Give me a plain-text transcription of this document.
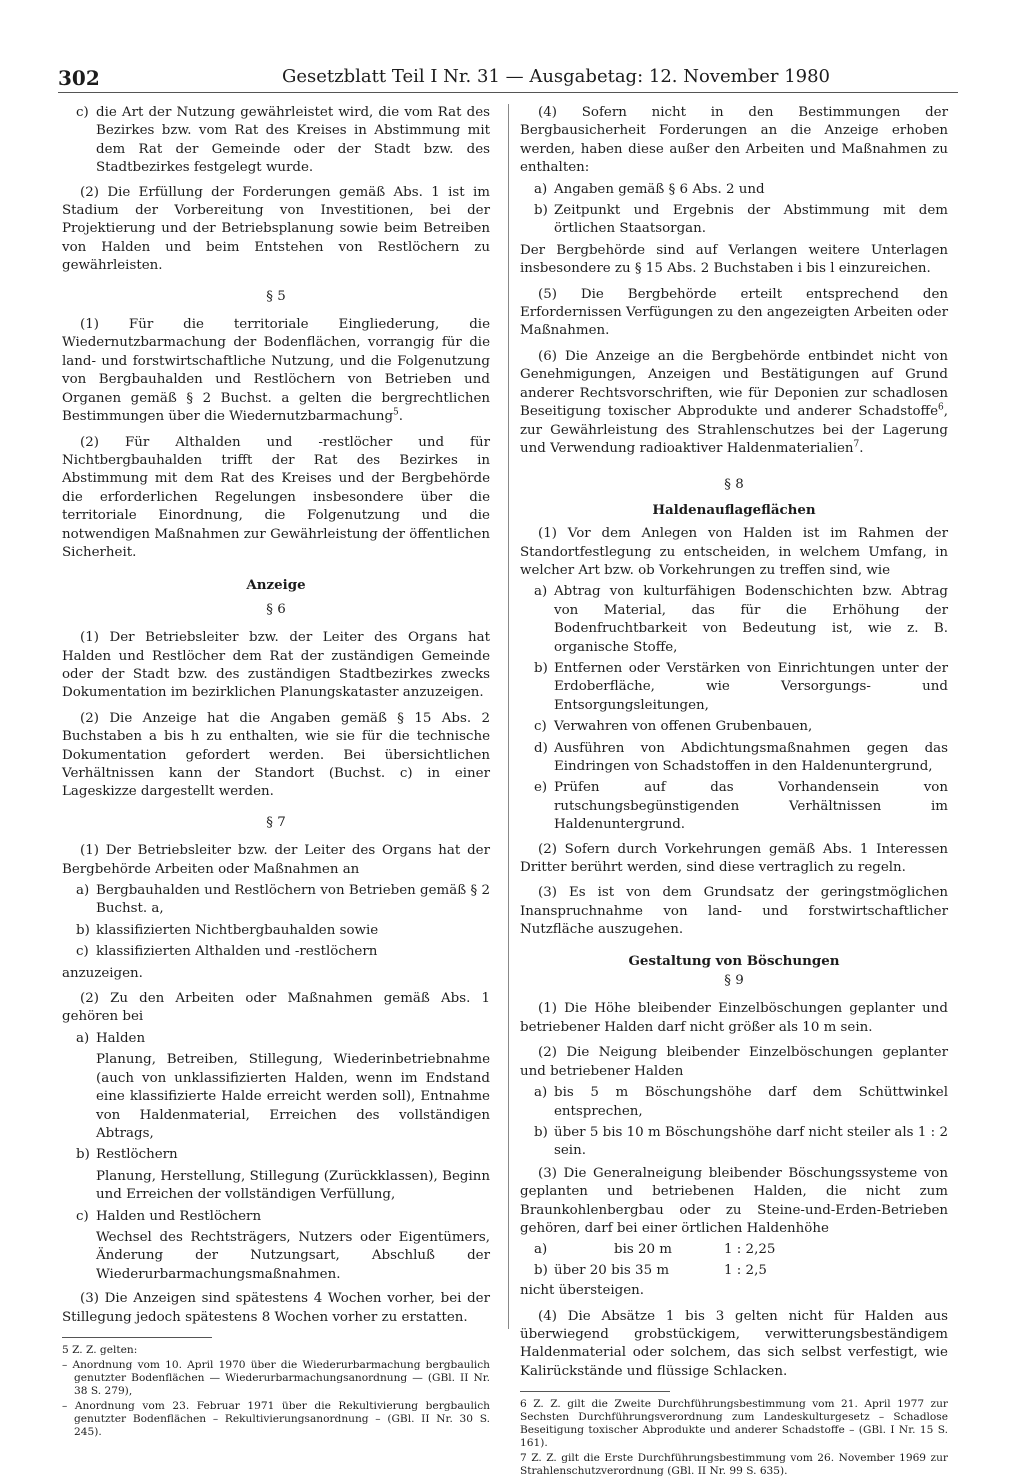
302	Gesetzblatt Teil I Nr. 31 — Ausgabetag: 12. November 1980
c) die Art der Nutzung gewährleistet wird, die vom Rat des Bezirkes bzw. vom Rat des Kreises in Abstimmung mit dem Rat der Gemeinde oder der Stadt bzw. des Stadtbezirkes festgelegt wurde.

(2) Die Erfüllung der Forderungen gemäß Abs. 1 ist im Stadium der Vorbereitung von Investitionen, bei der Projektierung und der Betriebsplanung sowie beim Betreiben von Halden und beim Entstehen von Restlöchern zu gewährleisten.

§ 5

(1) Für die territoriale Eingliederung, die Wiedernutzbarmachung der Bodenflächen, vorrangig für die land- und forstwirtschaftliche Nutzung, und die Folgenutzung von Bergbauhalden und Restlöchern von Betrieben und Organen gemäß § 2 Buchst. a gelten die bergrechtlichen Bestimmungen über die Wiedernutzbarmachung$^5$.

(2) Für Althalden und -restlöcher und für Nichtbergbauhalden trifft der Rat des Bezirkes in Abstimmung mit dem Rat des Kreises und der Bergbehörde die erforderlichen Regelungen insbesondere über die territoriale Einordnung, die Folgenutzung und die notwendigen Maßnahmen zur Gewährleistung der öffentlichen Sicherheit.

Anzeige
§ 6

(1) Der Betriebsleiter bzw. der Leiter des Organs hat Halden und Restlöcher dem Rat der zuständigen Gemeinde oder der Stadt bzw. des zuständigen Stadtbezirkes zwecks Dokumentation im bezirklichen Planungskataster anzuzeigen.

(2) Die Anzeige hat die Angaben gemäß § 15 Abs. 2 Buchstaben a bis h zu enthalten, wie sie für die technische Dokumentation gefordert werden. Bei übersichtlichen Verhältnissen kann der Standort (Buchst. c) in einer Lageskizze dargestellt werden.

§ 7

(1) Der Betriebsleiter bzw. der Leiter des Organs hat der Bergbehörde Arbeiten oder Maßnahmen an

a) Bergbauhalden und Restlöchern von Betrieben gemäß § 2 Buchst. a,
b) klassifizierten Nichtbergbauhalden sowie
c) klassifizierten Althalden und -restlöchern

anzuzeigen.

(2) Zu den Arbeiten oder Maßnahmen gemäß Abs. 1 gehören bei

a) Halden
Planung, Betreiben, Stillegung, Wiederinbetriebnahme (auch von unklassifizierten Halden, wenn im Endstand eine klassifizierte Halde erreicht werden soll), Entnahme von Haldenmaterial, Erreichen des vollständigen Abtrags,
b) Restlöchern
Planung, Herstellung, Stillegung (Zurückklassen), Beginn und Erreichen der vollständigen Verfüllung,
c) Halden und Restlöchern
Wechsel des Rechtsträgers, Nutzers oder Eigentümers, Änderung der Nutzungsart, Abschluß der Wiederurbarmachungsmaßnahmen.

(3) Die Anzeigen sind spätestens 4 Wochen vorher, bei der Stillegung jedoch spätestens 8 Wochen vorher zu erstatten.

5 Z. Z. gelten:
– Anordnung vom 10. April 1970 über die Wiederurbarmachung bergbaulich genutzter Bodenflächen — Wiederurbarmachungsanordnung — (GBl. II Nr. 38 S. 279),
– Anordnung vom 23. Februar 1971 über die Rekultivierung bergbaulich genutzter Bodenflächen – Rekultivierungsanordnung – (GBl. II Nr. 30 S. 245).

(4) Sofern nicht in den Bestimmungen der Bergbausicherheit Forderungen an die Anzeige erhoben werden, haben diese außer den Arbeiten und Maßnahmen zu enthalten:

a) Angaben gemäß § 6 Abs. 2 und
b) Zeitpunkt und Ergebnis der Abstimmung mit dem örtlichen Staatsorgan.

Der Bergbehörde sind auf Verlangen weitere Unterlagen insbesondere zu § 15 Abs. 2 Buchstaben i bis l einzureichen.

(5) Die Bergbehörde erteilt entsprechend den Erfordernissen Verfügungen zu den angezeigten Arbeiten oder Maßnahmen.

(6) Die Anzeige an die Bergbehörde entbindet nicht von Genehmigungen, Anzeigen und Bestätigungen auf Grund anderer Rechtsvorschriften, wie für Deponien zur schadlosen Beseitigung toxischer Abprodukte und anderer Schadstoffe$^6$, zur Gewährleistung des Strahlenschutzes bei der Lagerung und Verwendung radioaktiver Haldenmaterialien$^7$.

§ 8
Haldenauflageflächen

(1) Vor dem Anlegen von Halden ist im Rahmen der Standortfestlegung zu entscheiden, in welchem Umfang, in welcher Art bzw. ob Vorkehrungen zu treffen sind, wie

a) Abtrag von kulturfähigen Bodenschichten bzw. Abtrag von Material, das für die Erhöhung der Bodenfruchtbarkeit von Bedeutung ist, wie z. B. organische Stoffe,
b) Entfernen oder Verstärken von Einrichtungen unter der Erdoberfläche, wie Versorgungs- und Entsorgungsleitungen,
c) Verwahren von offenen Grubenbauen,
d) Ausführen von Abdichtungsmaßnahmen gegen das Eindringen von Schadstoffen in den Haldenuntergrund,
e) Prüfen auf das Vorhandensein von rutschungsbegünstigenden Verhältnissen im Haldenuntergrund.

(2) Sofern durch Vorkehrungen gemäß Abs. 1 Interessen Dritter berührt werden, sind diese vertraglich zu regeln.

(3) Es ist von dem Grundsatz der geringstmöglichen Inanspruchnahme von land- und forstwirtschaftlicher Nutzfläche auszugehen.

Gestaltung von Böschungen
§ 9

(1) Die Höhe bleibender Einzelböschungen geplanter und betriebener Halden darf nicht größer als 10 m sein.

(2) Die Neigung bleibender Einzelböschungen geplanter und betriebener Halden

a) bis 5 m Böschungshöhe darf dem Schüttwinkel entsprechen,
b) über 5 bis 10 m Böschungshöhe darf nicht steiler als 1 : 2 sein.

(3) Die Generalneigung bleibender Böschungssysteme von geplanten und betriebenen Halden, die nicht zum Braunkohlenbergbau oder zu Steine-und-Erden-Betrieben gehören, darf bei einer örtlichen Haldenhöhe

a)	bis 20 m	1 : 2,25
b) über 20 bis 35 m	1 : 2,5

nicht übersteigen.

(4) Die Absätze 1 bis 3 gelten nicht für Halden aus überwiegend grobstückigem, verwitterungsbeständigem Haldenmaterial oder solchem, das sich selbst verfestigt, wie Kalirückstände und flüssige Schlacken.

6 Z. Z. gilt die Zweite Durchführungsbestimmung vom 21. April 1977 zur Sechsten Durchführungsverordnung zum Landeskulturgesetz – Schadlose Beseitigung toxischer Abprodukte und anderer Schadstoffe – (GBl. I Nr. 15 S. 161).
7 Z. Z. gilt die Erste Durchführungsbestimmung vom 26. November 1969 zur Strahlenschutzverordnung (GBl. II Nr. 99 S. 635).
